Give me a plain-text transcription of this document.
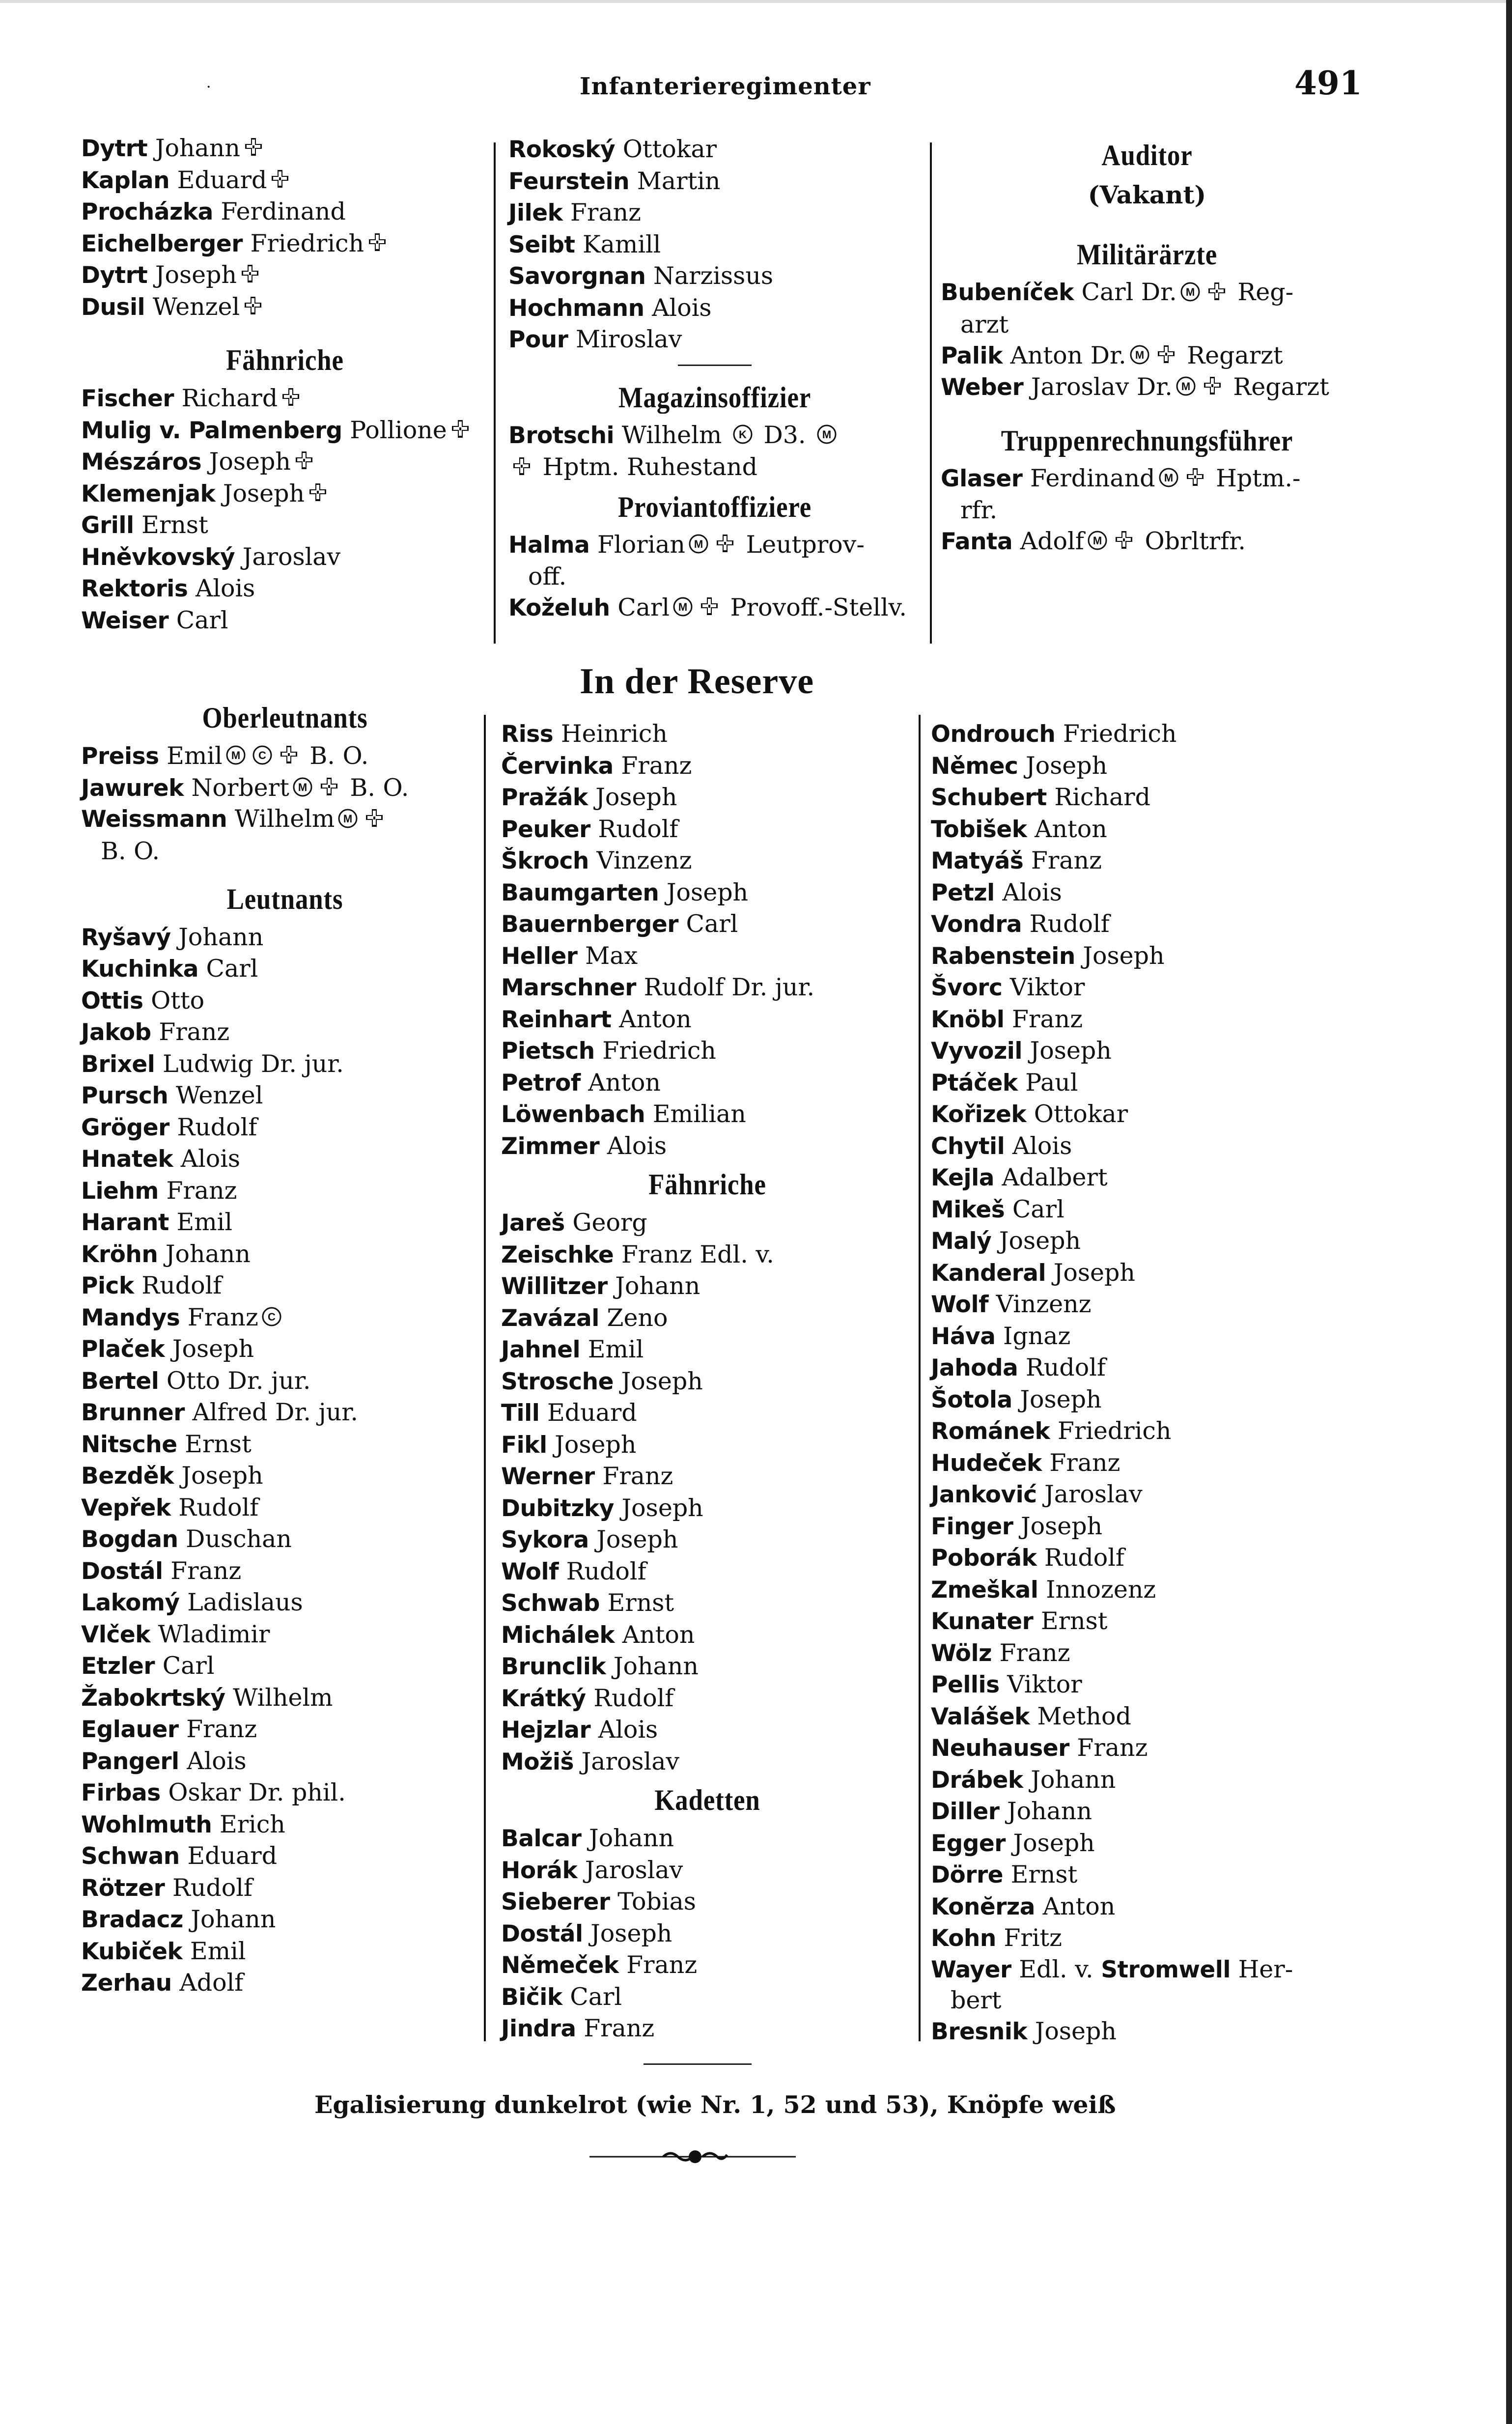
·	Infanterieregimenter	491
Dytrt Johann
Kaplan Eduard
Procházka Ferdinand
Eichelberger Friedrich
Dytrt Joseph
Dusil Wenzel
Fähnriche
Fischer Richard
Mulig v. Palmenberg Pollione
Mészáros Joseph
Klemenjak Joseph
Grill Ernst
Hněvkovský Jaroslav
Rektoris Alois
Weiser Carl
Oberleutnants
Preiss Emil M C B. O.
Jawurek Norbert M B. O.
Weissmann Wilhelm M

B. O.
Leutnants
Ryšavý Johann
Kuchinka Carl
Ottis Otto
Jakob Franz
Brixel Ludwig Dr. jur.
Pursch Wenzel
Gröger Rudolf
Hnatek Alois
Liehm Franz
Harant Emil
Kröhn Johann
Pick Rudolf
Mandys Franz C
Plaček Joseph
Bertel Otto Dr. jur.
Brunner Alfred Dr. jur.
Nitsche Ernst
Bezděk Joseph
Vepřek Rudolf
Bogdan Duschan
Dostál Franz
Lakomý Ladislaus
Vlček Wladimir
Etzler Carl
Žabokrtský Wilhelm
Eglauer Franz
Pangerl Alois
Firbas Oskar Dr. phil.
Wohlmuth Erich
Schwan Eduard
Rötzer Rudolf
Bradacz Johann
Kubiček Emil
Zerhau Adolf
Rokoský Ottokar
Feurstein Martin
Jilek Franz
Seibt Kamill
Savorgnan Narzissus
Hochmann Alois
Pour Miroslav
Magazinsoffizier
Brotschi Wilhelm K D3. M

Hptm. Ruhestand
Proviantoffiziere
Halma Florian M Leutprov-
off.
Koželuh Carl M Provoff.-Stellv.
In der Reserve
Riss Heinrich
Červinka Franz
Pražák Joseph
Peuker Rudolf
Škroch Vinzenz
Baumgarten Joseph
Bauernberger Carl
Heller Max
Marschner Rudolf Dr. jur.
Reinhart Anton
Pietsch Friedrich
Petrof Anton
Löwenbach Emilian
Zimmer Alois
Fähnriche
Jareš Georg
Zeischke Franz Edl. v.
Willitzer Johann
Zavázal Zeno
Jahnel Emil
Strosche Joseph
Till Eduard
Fikl Joseph
Werner Franz
Dubitzky Joseph
Sykora Joseph
Wolf Rudolf
Schwab Ernst
Michálek Anton
Brunclik Johann
Krátký Rudolf
Hejzlar Alois
Možiš Jaroslav
Kadetten
Balcar Johann
Horák Jaroslav
Sieberer Tobias
Dostál Joseph
Němeček Franz
Bičik Carl
Jindra Franz
Auditor
(Vakant)
Militärärzte
Bubeníček Carl Dr. M Reg-
arzt
Palik Anton Dr. M Regarzt
Weber Jaroslav Dr. M Regarzt
Truppenrechnungsführer
Glaser Ferdinand M Hptm.-
rfr.
Fanta Adolf M Obrltrfr.
Ondrouch Friedrich
Němec Joseph
Schubert Richard
Tobišek Anton
Matyáš Franz
Petzl Alois
Vondra Rudolf
Rabenstein Joseph
Švorc Viktor
Knöbl Franz
Vyvozil Joseph
Ptáček Paul
Kořizek Ottokar
Chytil Alois
Kejla Adalbert
Mikeš Carl
Malý Joseph
Kanderal Joseph
Wolf Vinzenz
Háva Ignaz
Jahoda Rudolf
Šotola Joseph
Románek Friedrich
Hudeček Franz
Janković Jaroslav
Finger Joseph
Poborák Rudolf
Zmeškal Innozenz
Kunater Ernst
Wölz Franz
Pellis Viktor
Valášek Method
Neuhauser Franz
Drábek Johann
Diller Johann
Egger Joseph
Dörre Ernst
Konĕrza Anton
Kohn Fritz
Wayer Edl. v. Stromwell Her-
bert
Bresnik Joseph
Egalisierung dunkelrot (wie Nr. 1, 52 und 53), Knöpfe weiß
